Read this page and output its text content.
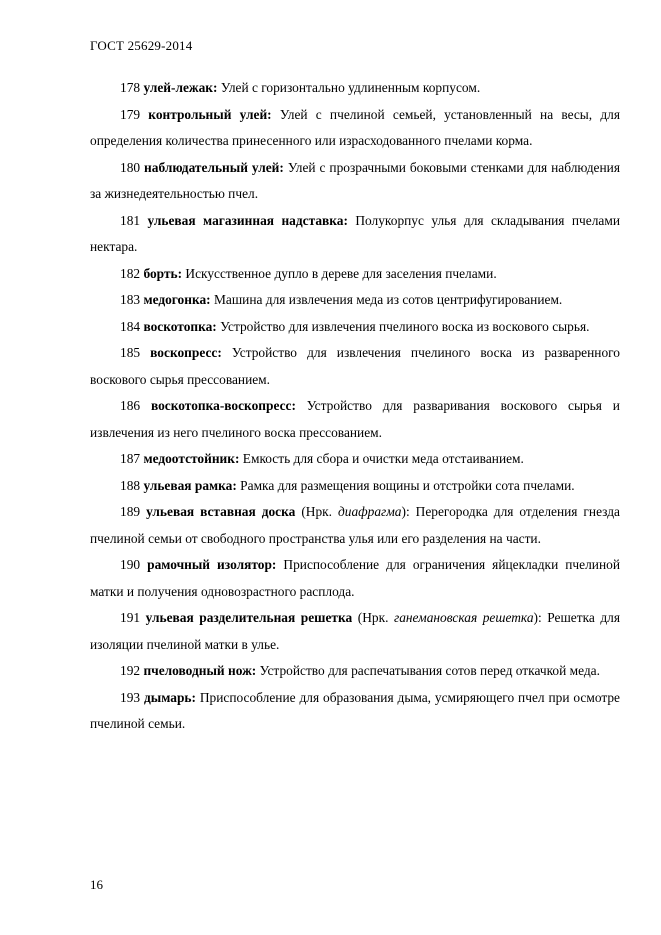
ГОСТ 25629-2014

178 улей-лежак: Улей с горизонтально удлиненным корпусом.

179 контрольный улей: Улей с пчелиной семьей, установленный на весы, для определения количества принесенного или израсходованного пчелами корма.

180 наблюдательный улей: Улей с прозрачными боковыми стенками для наблюдения за жизнедеятельностью пчел.

181 ульевая магазинная надставка: Полукорпус улья для складывания пчелами нектара.

182 борть: Искусственное дупло в дереве для заселения пчелами.

183 медогонка: Машина для извлечения меда из сотов центрифугированием.

184 воскотопка: Устройство для извлечения пчелиного воска из воскового сырья.

185 воскопресс: Устройство для извлечения пчелиного воска из разваренного воскового сырья прессованием.

186 воскотопка-воскопресс: Устройство для разваривания воскового сырья и извлечения из него пчелиного воска прессованием.

187 медоотстойник: Емкость для сбора и очистки меда отстаиванием.

188 ульевая рамка: Рамка для размещения вощины и отстройки сота пчелами.

189 ульевая вставная доска (Нрк. диафрагма): Перегородка для отделения гнезда пчелиной семьи от свободного пространства улья или его разделения на части.

190 рамочный изолятор: Приспособление для ограничения яйцекладки пчелиной матки и получения одновозрастного расплода.

191 ульевая разделительная решетка (Нрк. ганемановская решетка): Решетка для изоляции пчелиной матки в улье.

192 пчеловодный нож: Устройство для распечатывания сотов перед откачкой меда.

193 дымарь: Приспособление для образования дыма, усмиряющего пчел при осмотре пчелиной семьи.

16
